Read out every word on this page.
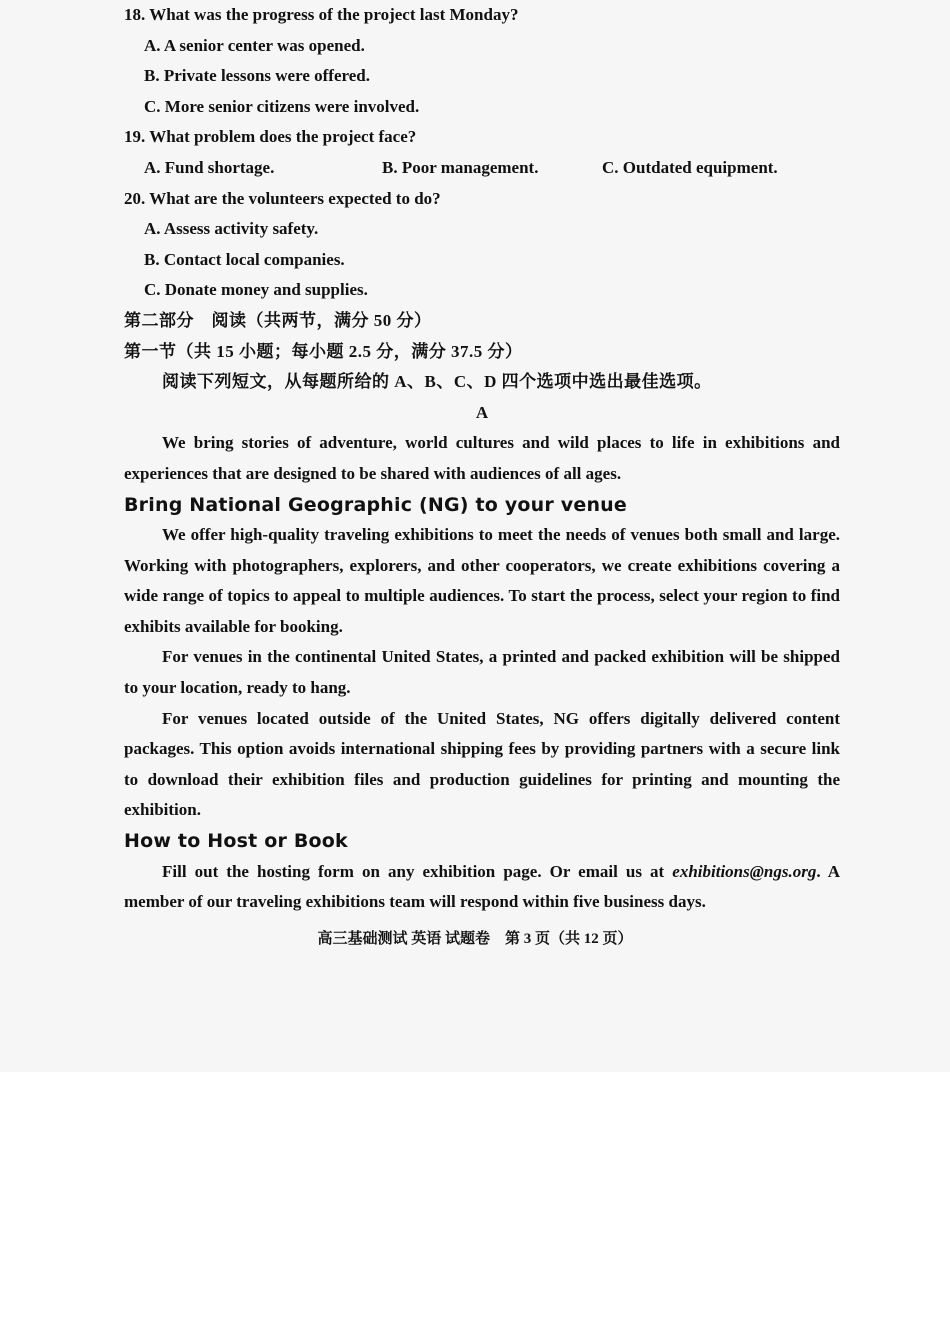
18. What was the progress of the project last Monday?

A. A senior center was opened.

B. Private lessons were offered.

C. More senior citizens were involved.

19. What problem does the project face?

A. Fund shortage.	B. Poor management.	C. Outdated equipment.

20. What are the volunteers expected to do?

A. Assess activity safety.

B. Contact local companies.

C. Donate money and supplies.

第二部分　阅读（共两节，满分 50 分）

第一节（共 15 小题；每小题 2.5 分，满分 37.5 分）

阅读下列短文，从每题所给的 A、B、C、D 四个选项中选出最佳选项。

A

We bring stories of adventure, world cultures and wild places to life in exhibitions and experiences that are designed to be shared with audiences of all ages.

Bring National Geographic (NG) to your venue

We offer high-quality traveling exhibitions to meet the needs of venues both small and large. Working with photographers, explorers, and other cooperators, we create exhibitions covering a wide range of topics to appeal to multiple audiences. To start the process, select your region to find exhibits available for booking.

For venues in the continental United States, a printed and packed exhibition will be shipped to your location, ready to hang.

For venues located outside of the United States, NG offers digitally delivered content packages. This option avoids international shipping fees by providing partners with a secure link to download their exhibition files and production guidelines for printing and mounting the exhibition.

How to Host or Book

Fill out the hosting form on any exhibition page. Or email us at exhibitions@ngs.org. A member of our traveling exhibitions team will respond within five business days.

高三基础测试 英语 试题卷　第 3 页（共 12 页）
